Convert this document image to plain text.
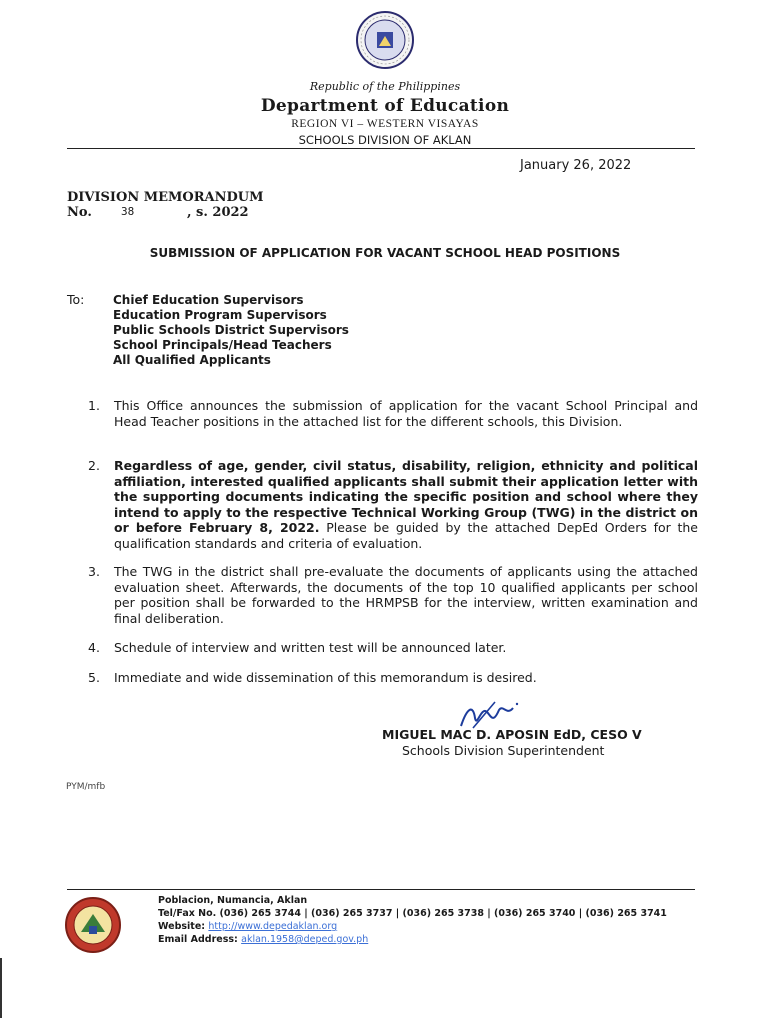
Republic of the Philippines
Department of Education
REGION VI – WESTERN VISAYAS
SCHOOLS DIVISION OF AKLAN
January 26, 2022
DIVISION MEMORANDUM
No.	38	, s. 2022
SUBMISSION OF APPLICATION FOR VACANT SCHOOL HEAD POSITIONS
To: Chief Education Supervisors
Education Program Supervisors
Public Schools District Supervisors
School Principals/Head Teachers
All Qualified Applicants
1.	This Office announces the submission of application for the vacant School Principal and Head Teacher positions in the attached list for the different schools, this Division.
2.	Regardless of age, gender, civil status, disability, religion, ethnicity and political affiliation, interested qualified applicants shall submit their application letter with the supporting documents indicating the specific position and school where they intend to apply to the respective Technical Working Group (TWG) in the district on or before February 8, 2022. Please be guided by the attached DepEd Orders for the qualification standards and criteria of evaluation.
3.	The TWG in the district shall pre-evaluate the documents of applicants using the attached evaluation sheet. Afterwards, the documents of the top 10 qualified applicants per school per position shall be forwarded to the HRMPSB for the interview, written examination and final deliberation.
4.	Schedule of interview and written test will be announced later.
5.	Immediate and wide dissemination of this memorandum is desired.
MIGUEL MAC D. APOSIN EdD, CESO V
Schools Division Superintendent
PYM/mfb
Poblacion, Numancia, Aklan
Tel/Fax No. (036) 265 3744 | (036) 265 3737 | (036) 265 3738 | (036) 265 3740 | (036) 265 3741
Website: http://www.depedaklan.org
Email Address: aklan.1958@deped.gov.ph
